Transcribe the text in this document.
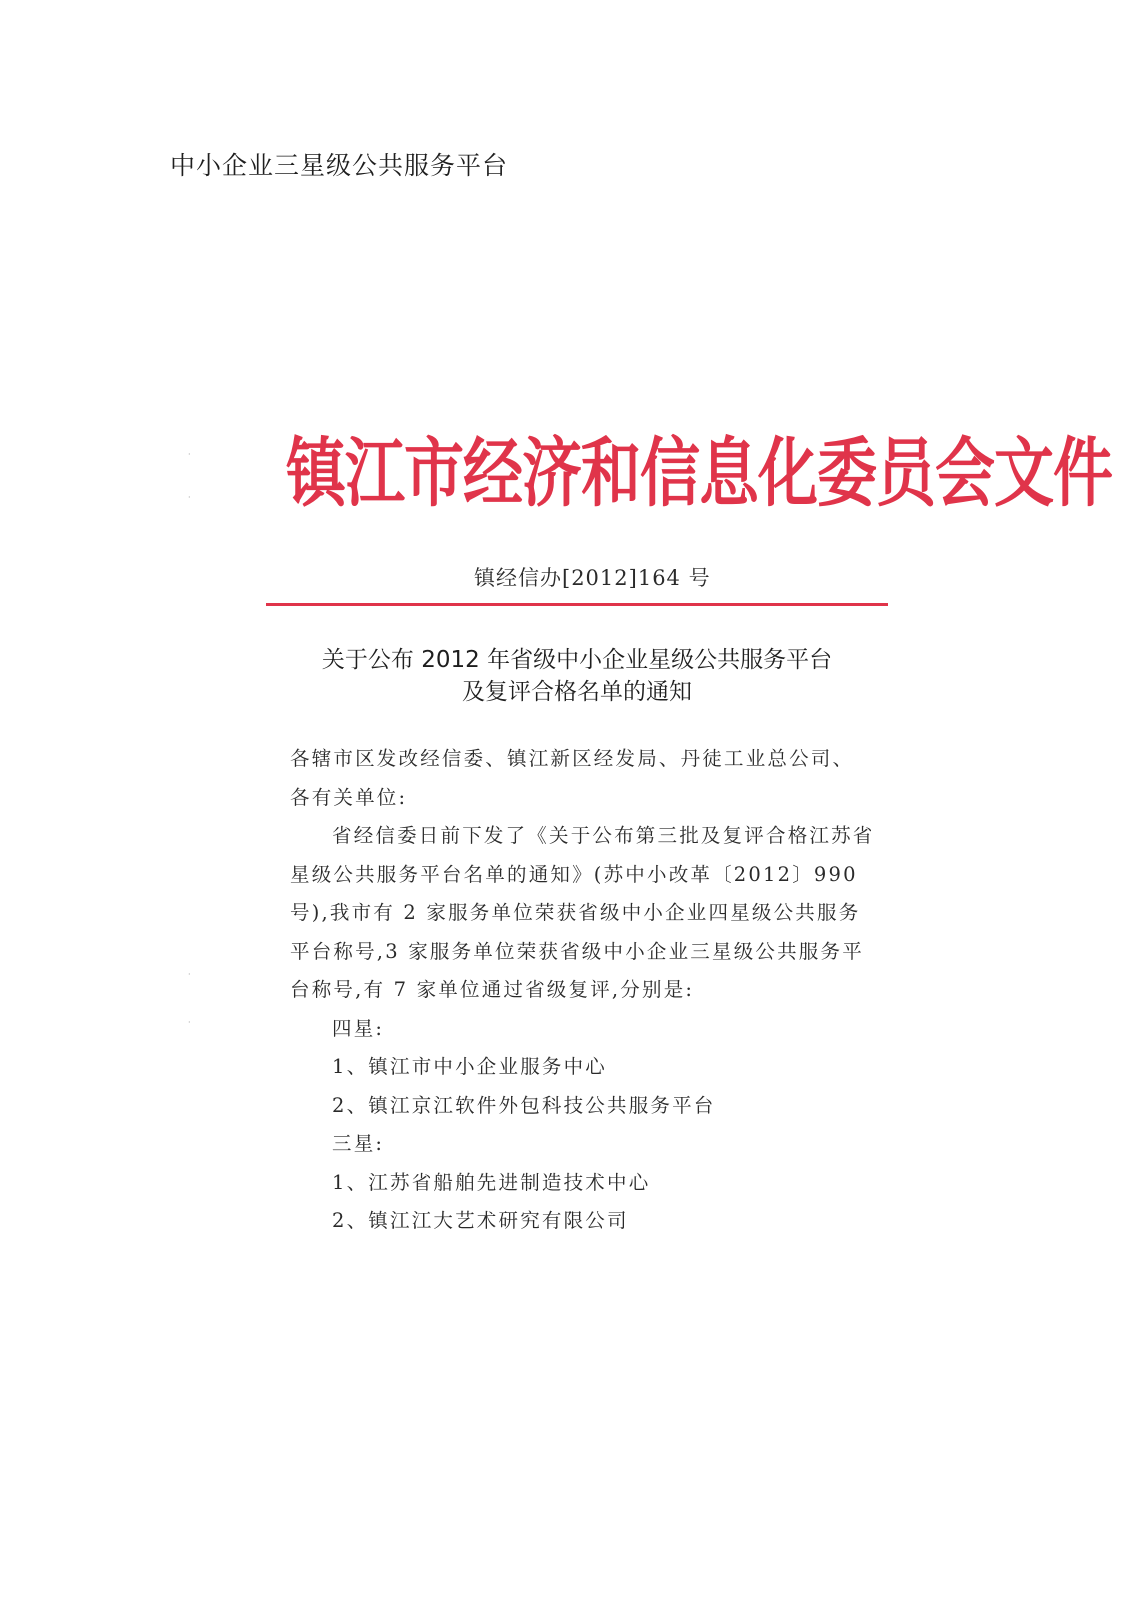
中小企业三星级公共服务平台
镇江市经济和信息化委员会文件
镇经信办[2012]164 号
关于公布 2012 年省级中小企业星级公共服务平台
及复评合格名单的通知

各辖市区发改经信委、镇江新区经发局、丹徒工业总公司、

各有关单位:

省经信委日前下发了《关于公布第三批及复评合格江苏省星级公共服务平台名单的通知》(苏中小改革〔2012〕990 号),我市有 2 家服务单位荣获省级中小企业四星级公共服务平台称号,3 家服务单位荣获省级中小企业三星级公共服务平台称号,有 7 家单位通过省级复评,分别是:

四星:

1、镇江市中小企业服务中心

2、镇江京江软件外包科技公共服务平台

三星:

1、江苏省船舶先进制造技术中心

2、镇江江大艺术研究有限公司

·
·
·
·
